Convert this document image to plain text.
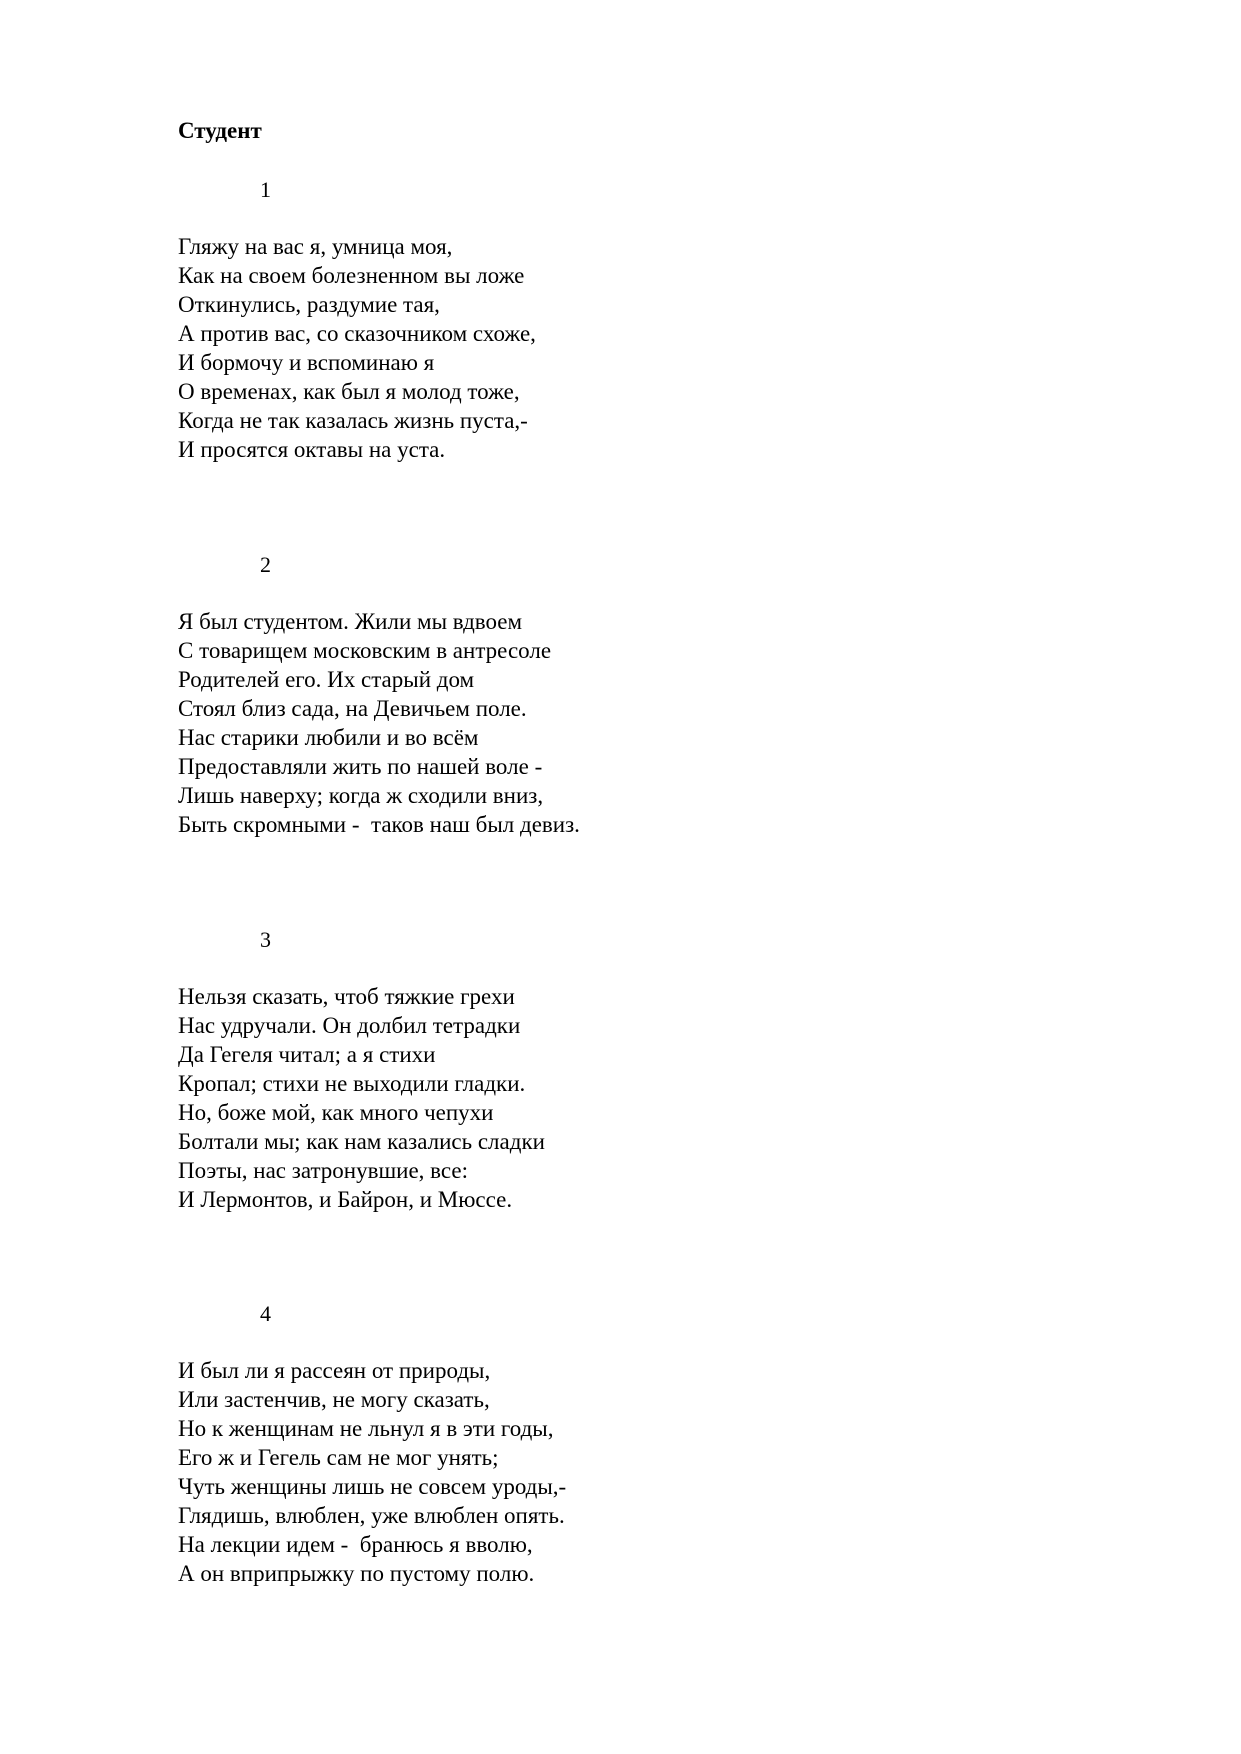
Студент
1
Гляжу на вас я, умница моя,
Как на своем болезненном вы ложе
Откинулись, раздумие тая,
А против вас, со сказочником схоже,
И бормочу и вспоминаю я
О временах, как был я молод тоже,
Когда не так казалась жизнь пуста,-
И просятся октавы на уста.
2
Я был студентом. Жили мы вдвоем
С товарищем московским в антресоле
Родителей его. Их старый дом
Стоял близ сада, на Девичьем поле.
Нас старики любили и во всём
Предоставляли жить по нашей воле -
Лишь наверху; когда ж сходили вниз,
Быть скромными -  таков наш был девиз.
3
Нельзя сказать, чтоб тяжкие грехи
Нас удручали. Он долбил тетрадки
Да Гегеля читал; а я стихи
Кропал; стихи не выходили гладки.
Но, боже мой, как много чепухи
Болтали мы; как нам казались сладки
Поэты, нас затронувшие, все:
И Лермонтов, и Байрон, и Мюссе.
4
И был ли я рассеян от природы,
Или застенчив, не могу сказать,
Но к женщинам не льнул я в эти годы,
Его ж и Гегель сам не мог унять;
Чуть женщины лишь не совсем уроды,-
Глядишь, влюблен, уже влюблен опять.
На лекции идем -  бранюсь я вволю,
А он вприпрыжку по пустому полю.
